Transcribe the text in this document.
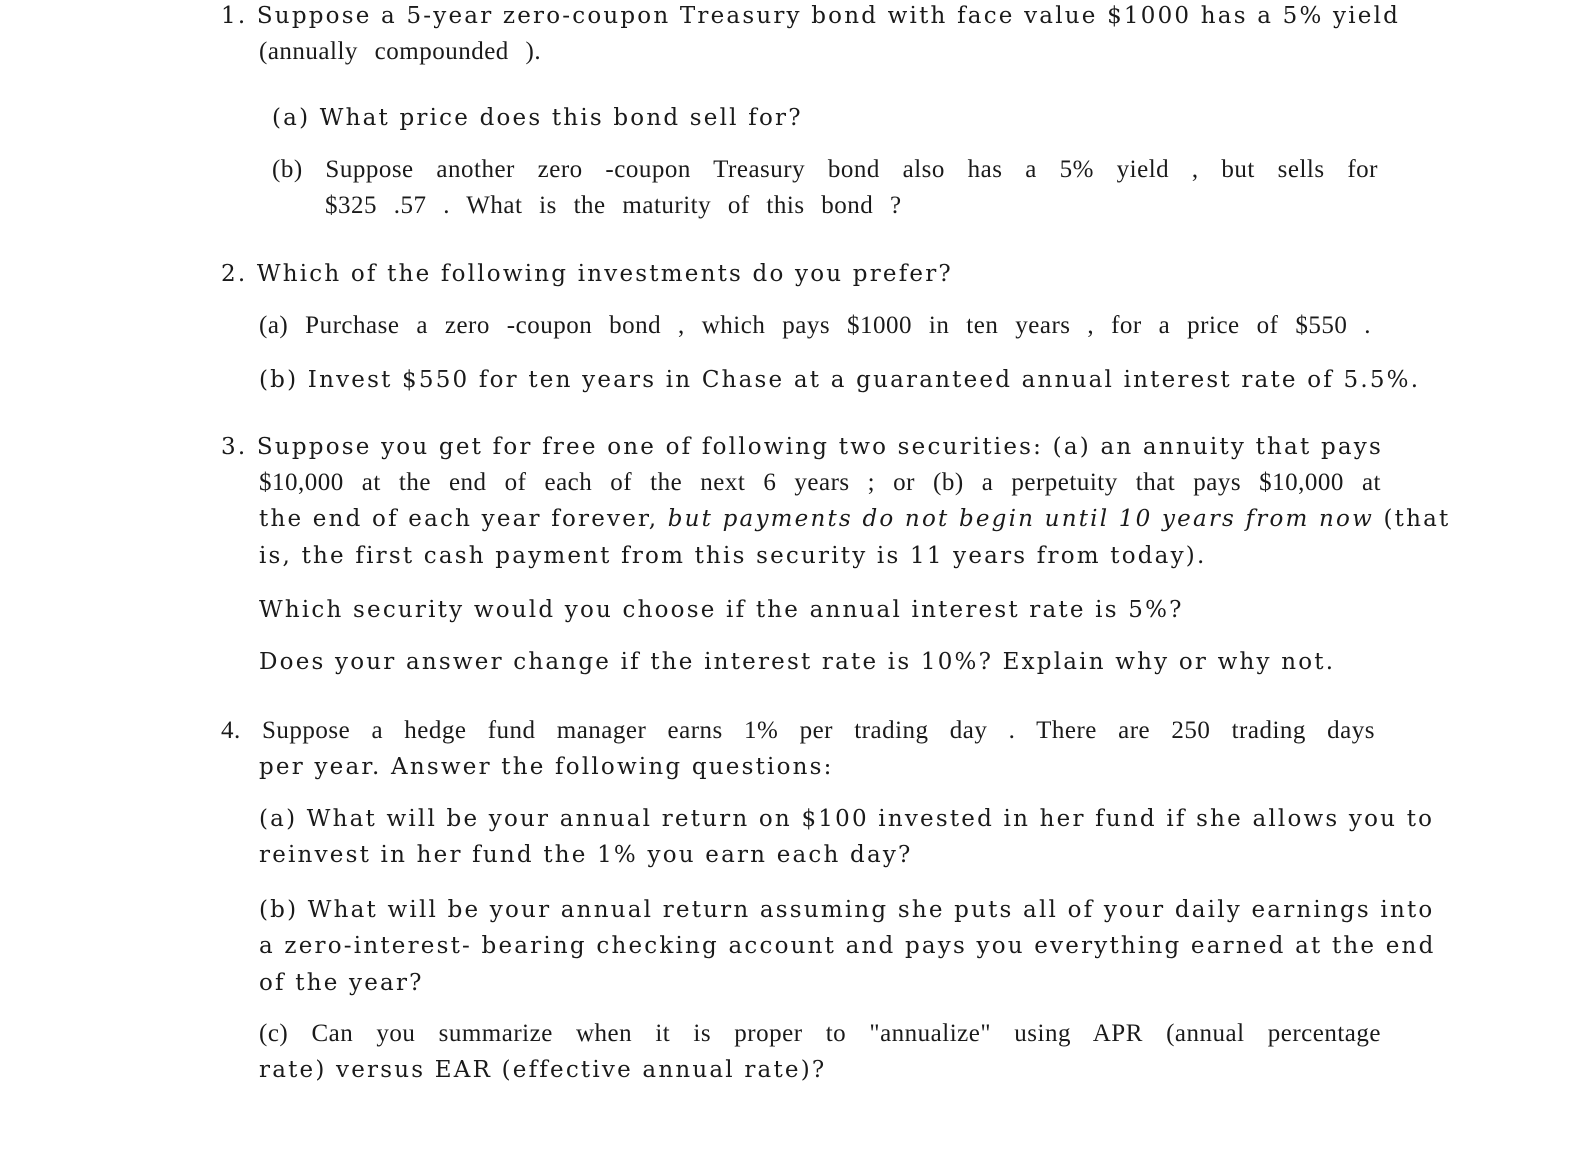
1. Suppose a 5-year zero-coupon Treasury bond with face value $1000 has a 5% yield
(annually compounded ).
(a) What price does this bond sell for?
(b) Suppose another zero -coupon Treasury bond also has a 5% yield , but sells for
$325 .57 . What is the maturity of this bond ?
2. Which of the following investments do you prefer?
(a) Purchase a zero -coupon bond , which pays $1000 in ten years , for a price of $550 .
(b) Invest $550 for ten years in Chase at a guaranteed annual interest rate of 5.5%.
3. Suppose you get for free one of following two securities: (a) an annuity that pays
$10,000 at the end of each of the next 6 years ; or (b) a perpetuity that pays $10,000 at
the end of each year forever, but payments do not begin until 10 years from now (that
is, the first cash payment from this security is 11 years from today).
Which security would you choose if the annual interest rate is 5%?
Does your answer change if the interest rate is 10%? Explain why or why not.
4. Suppose a hedge fund manager earns 1% per trading day . There are 250 trading days
per year. Answer the following questions:
(a) What will be your annual return on $100 invested in her fund if she allows you to
reinvest in her fund the 1% you earn each day?
(b) What will be your annual return assuming she puts all of your daily earnings into
a zero-interest- bearing checking account and pays you everything earned at the end
of the year?
(c) Can you summarize when it is proper to "annualize" using APR (annual percentage
rate) versus EAR (effective annual rate)?
